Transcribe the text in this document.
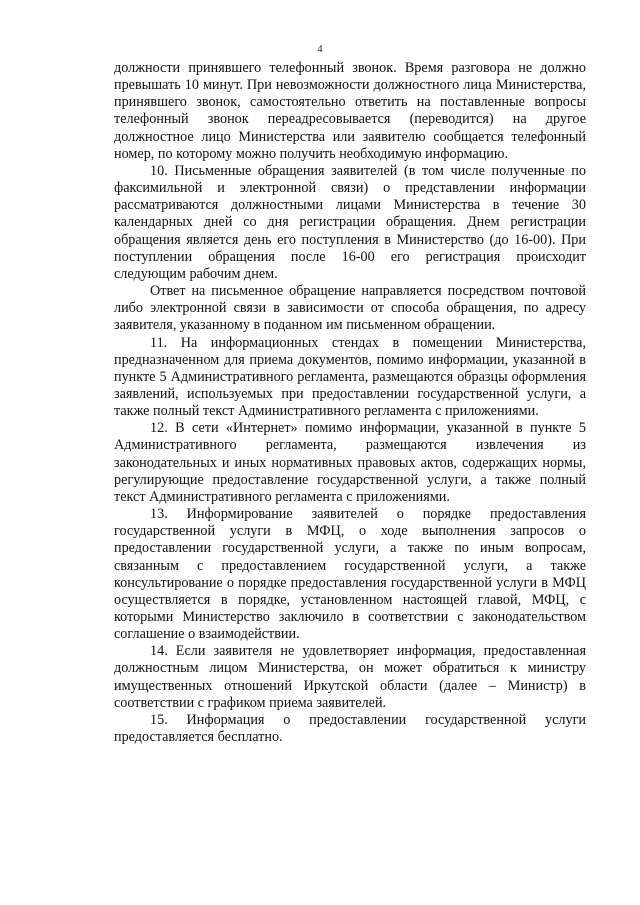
4

должности принявшего телефонный звонок. Время разговора не должно превышать 10 минут. При невозможности должностного лица Министерства, принявшего звонок, самостоятельно ответить на поставленные вопросы телефонный звонок переадресовывается (переводится) на другое должностное лицо Министерства или заявителю сообщается телефонный номер, по которому можно получить необходимую информацию.

10. Письменные обращения заявителей (в том числе полученные по факсимильной и электронной связи) о представлении информации рассматриваются должностными лицами Министерства в течение 30 календарных дней со дня регистрации обращения. Днем регистрации обращения является день его поступления в Министерство (до 16-00). При поступлении обращения после 16-00 его регистрация происходит следующим рабочим днем.

Ответ на письменное обращение направляется посредством почтовой либо электронной связи в зависимости от способа обращения, по адресу заявителя, указанному в поданном им письменном обращении.

11. На информационных стендах в помещении Министерства, предназначенном для приема документов, помимо информации, указанной в пункте 5 Административного регламента, размещаются образцы оформления заявлений, используемых при предоставлении государственной услуги, а также полный текст Административного регламента с приложениями.

12. В сети «Интернет» помимо информации, указанной в пункте 5 Административного регламента, размещаются извлечения из законодательных и иных нормативных правовых актов, содержащих нормы, регулирующие предоставление государственной услуги, а также полный текст Административного регламента с приложениями.

13. Информирование заявителей о порядке предоставления государственной услуги в МФЦ, о ходе выполнения запросов о предоставлении государственной услуги, а также по иным вопросам, связанным с предоставлением государственной услуги, а также консультирование о порядке предоставления государственной услуги в МФЦ осуществляется в порядке, установленном настоящей главой, МФЦ, с которыми Министерство заключило в соответствии с законодательством соглашение о взаимодействии.

14. Если заявителя не удовлетворяет информация, предоставленная должностным лицом Министерства, он может обратиться к министру имущественных отношений Иркутской области (далее – Министр) в соответствии с графиком приема заявителей.

15. Информация о предоставлении государственной услуги предоставляется бесплатно.
